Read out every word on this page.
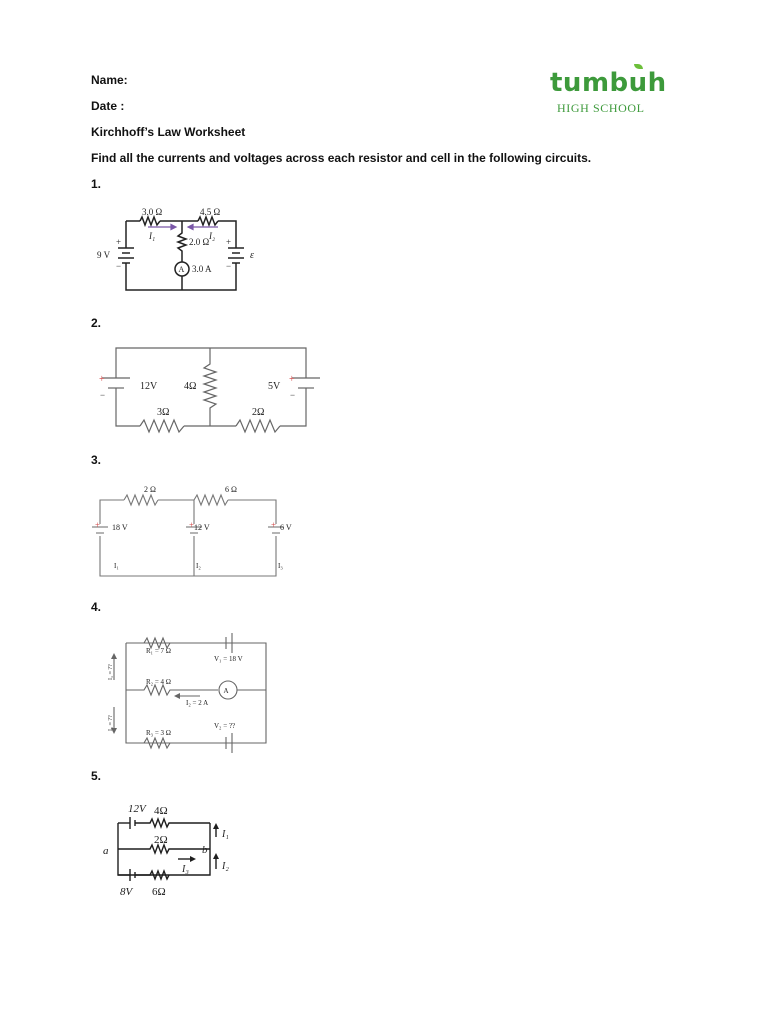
Name:
Date :
Kirchhoff’s Law Worksheet
Find all the currents and voltages across each resistor and cell in the following circuits.
tumbuh
HIGH SCHOOL
1.
2.
3.
4.
5.
3.0 Ω	4.5 Ω
2.0 Ω
9 V
I₁	I₂
ε
A 3.0 A
+
−
+
−
+	+
−	−
12V	4Ω	5V
3Ω	2Ω
+	+	+
2 Ω	6 Ω
18 V	12 V	6 V
I₁	I₂	I₃
A
R₁ = 7 Ω
V₁ = 18 V
R₂ = 4 Ω
I₂ = 2 A
R₃ = 3 Ω
V₂ = ??
I₁ = ??
I₃ = ??
12V 4Ω
2Ω
8V 6Ω
a	b
I₁
I₂
I₃
